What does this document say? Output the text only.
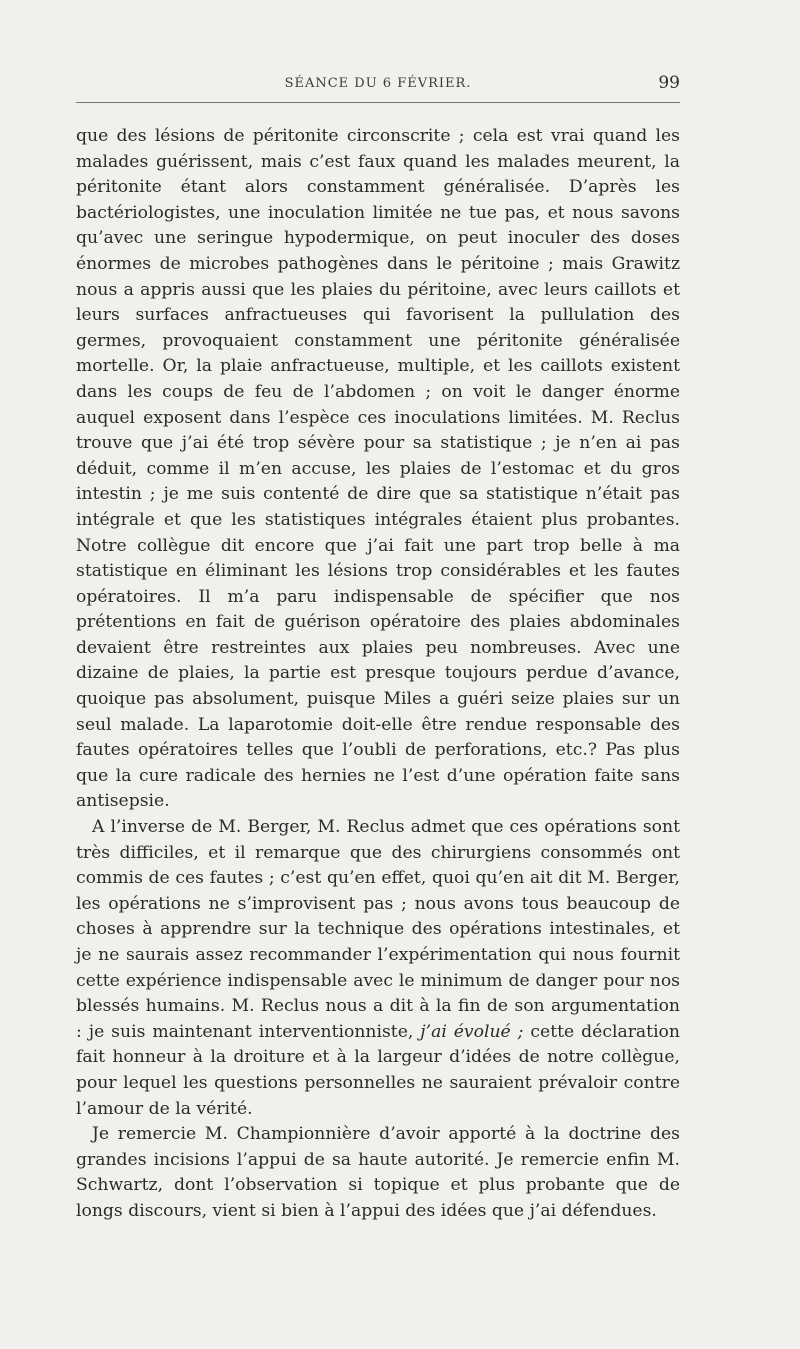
SÉANCE DU 6 FÉVRIER.	99

que des lésions de péritonite circonscrite ; cela est vrai quand les malades guérissent, mais c’est faux quand les malades meurent, la péritonite étant alors constamment généralisée. D’après les bactériologistes, une inoculation limitée ne tue pas, et nous savons qu’avec une seringue hypodermique, on peut inoculer des doses énormes de microbes pathogènes dans le péritoine ; mais Grawitz nous a appris aussi que les plaies du péritoine, avec leurs caillots et leurs surfaces anfractueuses qui favorisent la pullulation des germes, provoquaient constamment une péritonite généralisée mortelle. Or, la plaie anfractueuse, multiple, et les caillots existent dans les coups de feu de l’abdomen ; on voit le danger énorme auquel exposent dans l’espèce ces inoculations limitées. M. Reclus trouve que j’ai été trop sévère pour sa statistique ; je n’en ai pas déduit, comme il m’en accuse, les plaies de l’estomac et du gros intestin ; je me suis contenté de dire que sa statistique n’était pas intégrale et que les statistiques intégrales étaient plus probantes. Notre collègue dit encore que j’ai fait une part trop belle à ma statistique en éliminant les lésions trop considérables et les fautes opératoires. Il m’a paru indispensable de spécifier que nos prétentions en fait de guérison opératoire des plaies abdominales devaient être restreintes aux plaies peu nombreuses. Avec une dizaine de plaies, la partie est presque toujours perdue d’avance, quoique pas absolument, puisque Miles a guéri seize plaies sur un seul malade. La laparotomie doit-elle être rendue responsable des fautes opératoires telles que l’oubli de perforations, etc.? Pas plus que la cure radicale des hernies ne l’est d’une opération faite sans antisepsie.

A l’inverse de M. Berger, M. Reclus admet que ces opérations sont très difficiles, et il remarque que des chirurgiens consommés ont commis de ces fautes ; c’est qu’en effet, quoi qu’en ait dit M. Berger, les opérations ne s’improvisent pas ; nous avons tous beaucoup de choses à apprendre sur la technique des opérations intestinales, et je ne saurais assez recommander l’expérimentation qui nous fournit cette expérience indispensable avec le minimum de danger pour nos blessés humains. M. Reclus nous a dit à la fin de son argumentation : je suis maintenant interventionniste, j’ai évolué ; cette déclaration fait honneur à la droiture et à la largeur d’idées de notre collègue, pour lequel les questions personnelles ne sauraient prévaloir contre l’amour de la vérité.

Je remercie M. Championnière d’avoir apporté à la doctrine des grandes incisions l’appui de sa haute autorité. Je remercie enfin M. Schwartz, dont l’observation si topique et plus probante que de longs discours, vient si bien à l’appui des idées que j’ai défendues.
